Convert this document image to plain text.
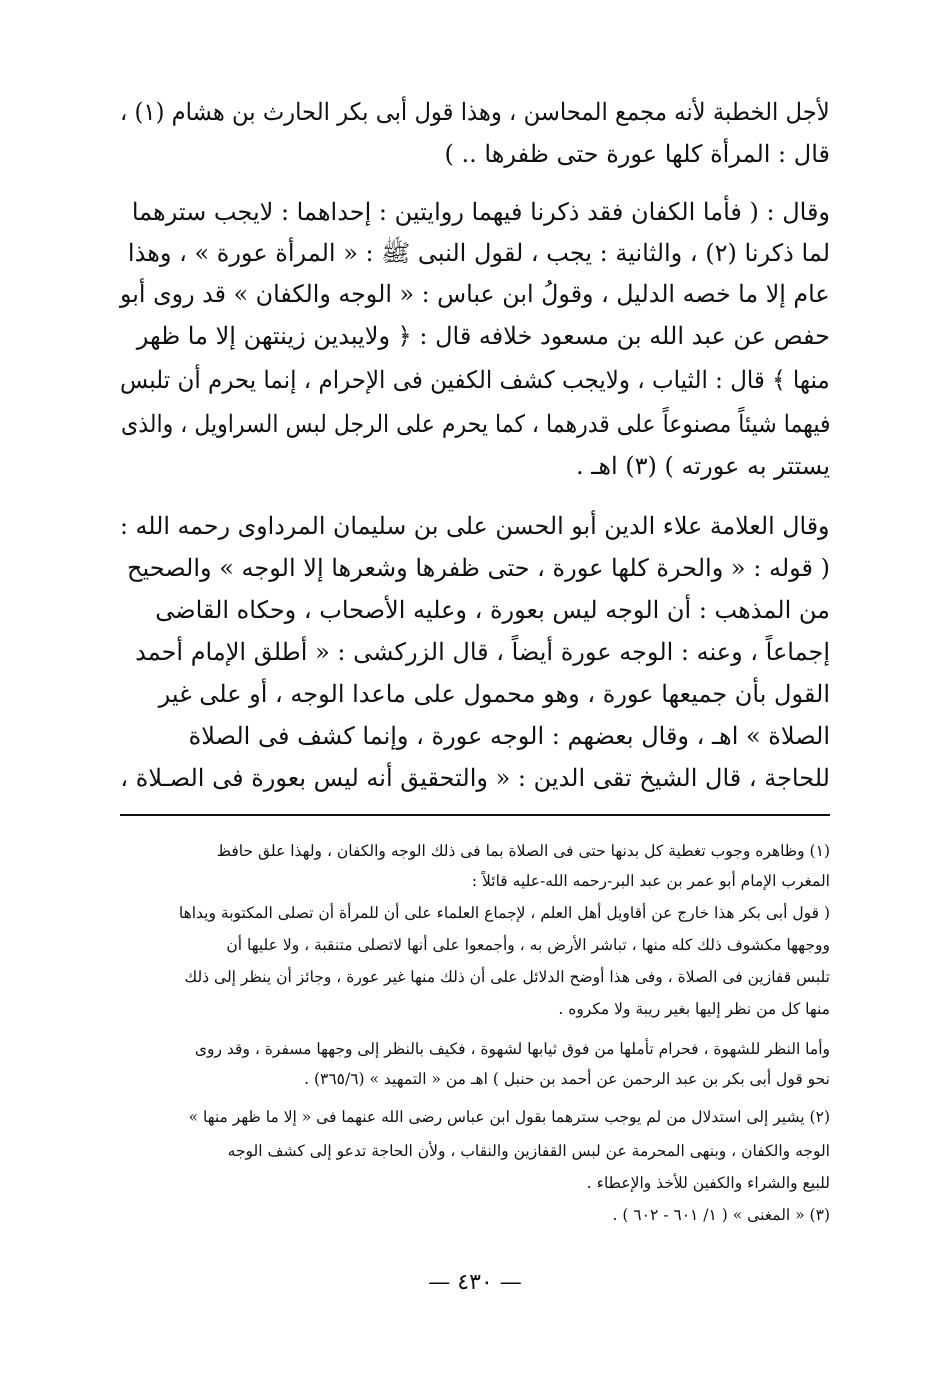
لأجل الخطبة لأنه مجمع المحاسن ، وهذا قول أبى بكر الحارث بن هشام (١) ،
قال : المرأة كلها عورة حتى ظفرها .. )
وقال : ( فأما الكفان فقد ذكرنا فيهما روايتين : إحداهما : لايجب سترهما
لما ذكرنا (٢) ، والثانية : يجب ، لقول النبى ﷺ : « المرأة عورة » ، وهذا
عام إلا ما خصه الدليل ، وقولُ ابن عباس : « الوجه والكفان » قد روى أبو
حفص عن عبد الله بن مسعود خلافه قال : ﴿ ولايبدين زينتهن إلا ما ظهر
منها ﴾ قال : الثياب ، ولايجب كشف الكفين فى الإحرام ، إنما يحرم أن تلبس
فيهما شيئاً مصنوعاً على قدرهما ، كما يحرم على الرجل لبس السراويل ، والذى
يستتر به عورته ) (٣) اهـ .
وقال العلامة علاء الدين أبو الحسن على بن سليمان المرداوى رحمه الله :
( قوله : « والحرة كلها عورة ، حتى ظفرها وشعرها إلا الوجه » والصحيح
من المذهب : أن الوجه ليس بعورة ، وعليه الأصحاب ، وحكاه القاضى
إجماعاً ، وعنه : الوجه عورة أيضاً ، قال الزركشى : « أطلق الإمام أحمد
القول بأن جميعها عورة ، وهو محمول على ماعدا الوجه ، أو على غير
الصلاة » اهـ ، وقال بعضهم : الوجه عورة ، وإنما كشف فى الصلاة
للحاجة ، قال الشيخ تقى الدين : « والتحقيق أنه ليس بعورة فى الصـلاة ،
(١) وظاهره وجوب تغطية كل بدنها حتى فى الصلاة بما فى ذلك الوجه والكفان ، ولهذا علق حافظ
المغرب الإمام أبو عمر بن عبد البر-رحمه الله-عليه قائلاً :
( قول أبى بكر هذا خارج عن أقاويل أهل العلم ، لإجماع العلماء على أن للمرأة أن تصلى المكتوبة ويداها
ووجهها مكشوف ذلك كله منها ، تباشر الأرض به ، وأجمعوا على أنها لاتصلى متنقبة ، ولا عليها أن
تلبس قفازين فى الصلاة ، وفى هذا أوضح الدلائل على أن ذلك منها غير عورة ، وجائز أن ينظر إلى ذلك
منها كل من نظر إليها بغير ريبة ولا مكروه .
وأما النظر للشهوة ، فحرام تأملها من فوق ثيابها لشهوة ، فكيف بالنظر إلى وجهها مسفرة ، وقد روى
نحو قول أبى بكر بن عبد الرحمن عن أحمد بن حنبل ) اهـ من « التمهيد » (٣٦٥/٦) .
(٢) يشير إلى استدلال من لم يوجب سترهما بقول ابن عباس رضى الله عنهما فى « إلا ما ظهر منها »
الوجه والكفان ، وبنهى المحرمة عن لبس القفازين والنقاب ، ولأن الحاجة تدعو إلى كشف الوجه
للبيع والشراء والكفين للأخذ والإعطاء .
(٣) « المغنى » ( ١/ ٦٠١ - ٦٠٢ ) .
— ٤٣٠ —
